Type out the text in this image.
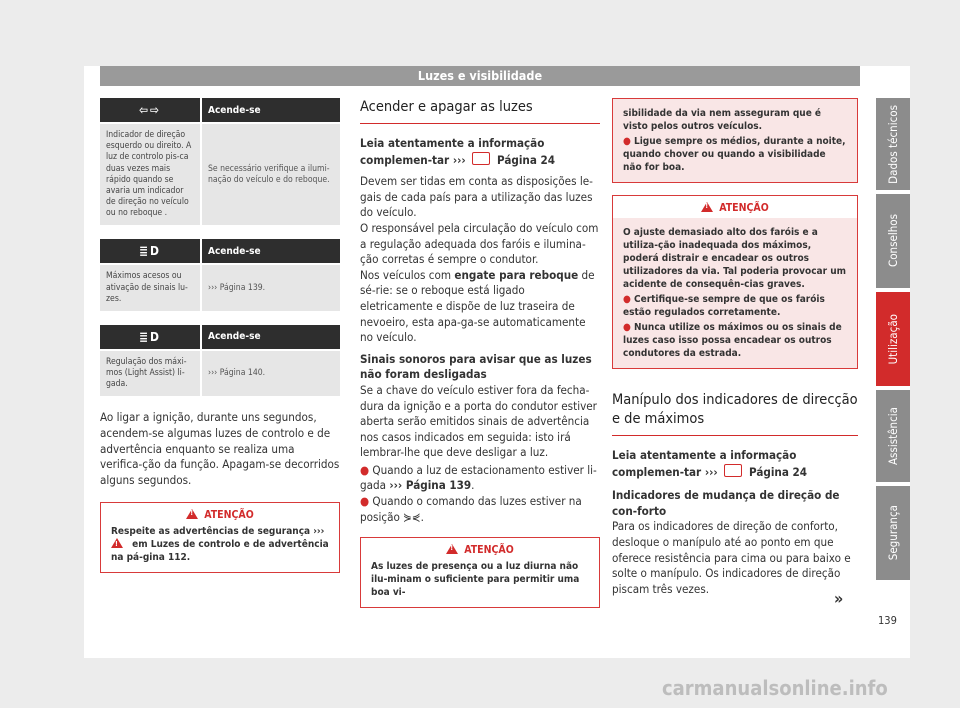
Luzes e visibilidade
⇦⇨	Acende-se

Indicador de direção esquerdo ou direito. A luz de controlo pis-ca duas vezes mais rápido quando se avaria um indicador de direção no veículo ou no reboque .	Se necessário verifique a ilumi-nação do veículo e do reboque.
≣D	Acende-se

Máximos acesos ou ativação de sinais lu-zes.	››› Página 139.
≣D	Acende-se

Regulação dos máxi-mos (Light Assist) li-gada.	››› Página 140.

Ao ligar a ignição, durante uns segundos, acendem-se algumas luzes de controlo e de advertência enquanto se realiza uma verifica-ção da função. Apagam-se decorridos alguns segundos.

!ATENÇÃO
Respeite as advertências de segurança ››› ! em Luzes de controlo e de advertência na pá-gina 112.
Acender e apagar as luzes

Leia atentamente a informação complemen-tar ›››  Página 24

Devem ser tidas em conta as disposições le-gais de cada país para a utilização das luzes do veículo.

O responsável pela circulação do veículo com a regulação adequada dos faróis e ilumina-ção corretas é sempre o condutor.

Nos veículos com engate para reboque de sé-rie: se o reboque está ligado eletricamente e dispõe de luz traseira de nevoeiro, esta apa-ga-se automaticamente no veículo.

Sinais sonoros para avisar que as luzes não foram desligadas

Se a chave do veículo estiver fora da fecha-dura da ignição e a porta do condutor estiver aberta serão emitidos sinais de advertência nos casos indicados em seguida: isto irá lembrar-lhe que deve desligar a luz.

● Quando a luz de estacionamento estiver li-gada ››› Página 139.

● Quando o comando das luzes estiver na posição ⋟⋞.

!ATENÇÃO
As luzes de presença ou a luz diurna não ilu-minam o suficiente para permitir uma boa vi-
sibilidade da via nem asseguram que é visto pelos outros veículos.
● Ligue sempre os médios, durante a noite, quando chover ou quando a visibilidade não for boa.
!ATENÇÃO
O ajuste demasiado alto dos faróis e a utiliza-ção inadequada dos máximos, poderá distrair e encadear os outros utilizadores da via. Tal poderia provocar um acidente de consequên-cias graves.
● Certifique-se sempre de que os faróis estão regulados corretamente.
● Nunca utilize os máximos ou os sinais de luzes caso isso possa encadear os outros condutores da estrada.
Manípulo dos indicadores de direcção e de máximos

Leia atentamente a informação complemen-tar ›››  Página 24

Indicadores de mudança de direção de con-forto

Para os indicadores de direção de conforto, desloque o manípulo até ao ponto em que oferece resistência para cima ou para baixo e solte o manípulo. Os indicadores de direção piscam três vezes.

Dados técnicos
Conselhos
Utilização
Assistência
Segurança
»
139
carmanualsonline.info
